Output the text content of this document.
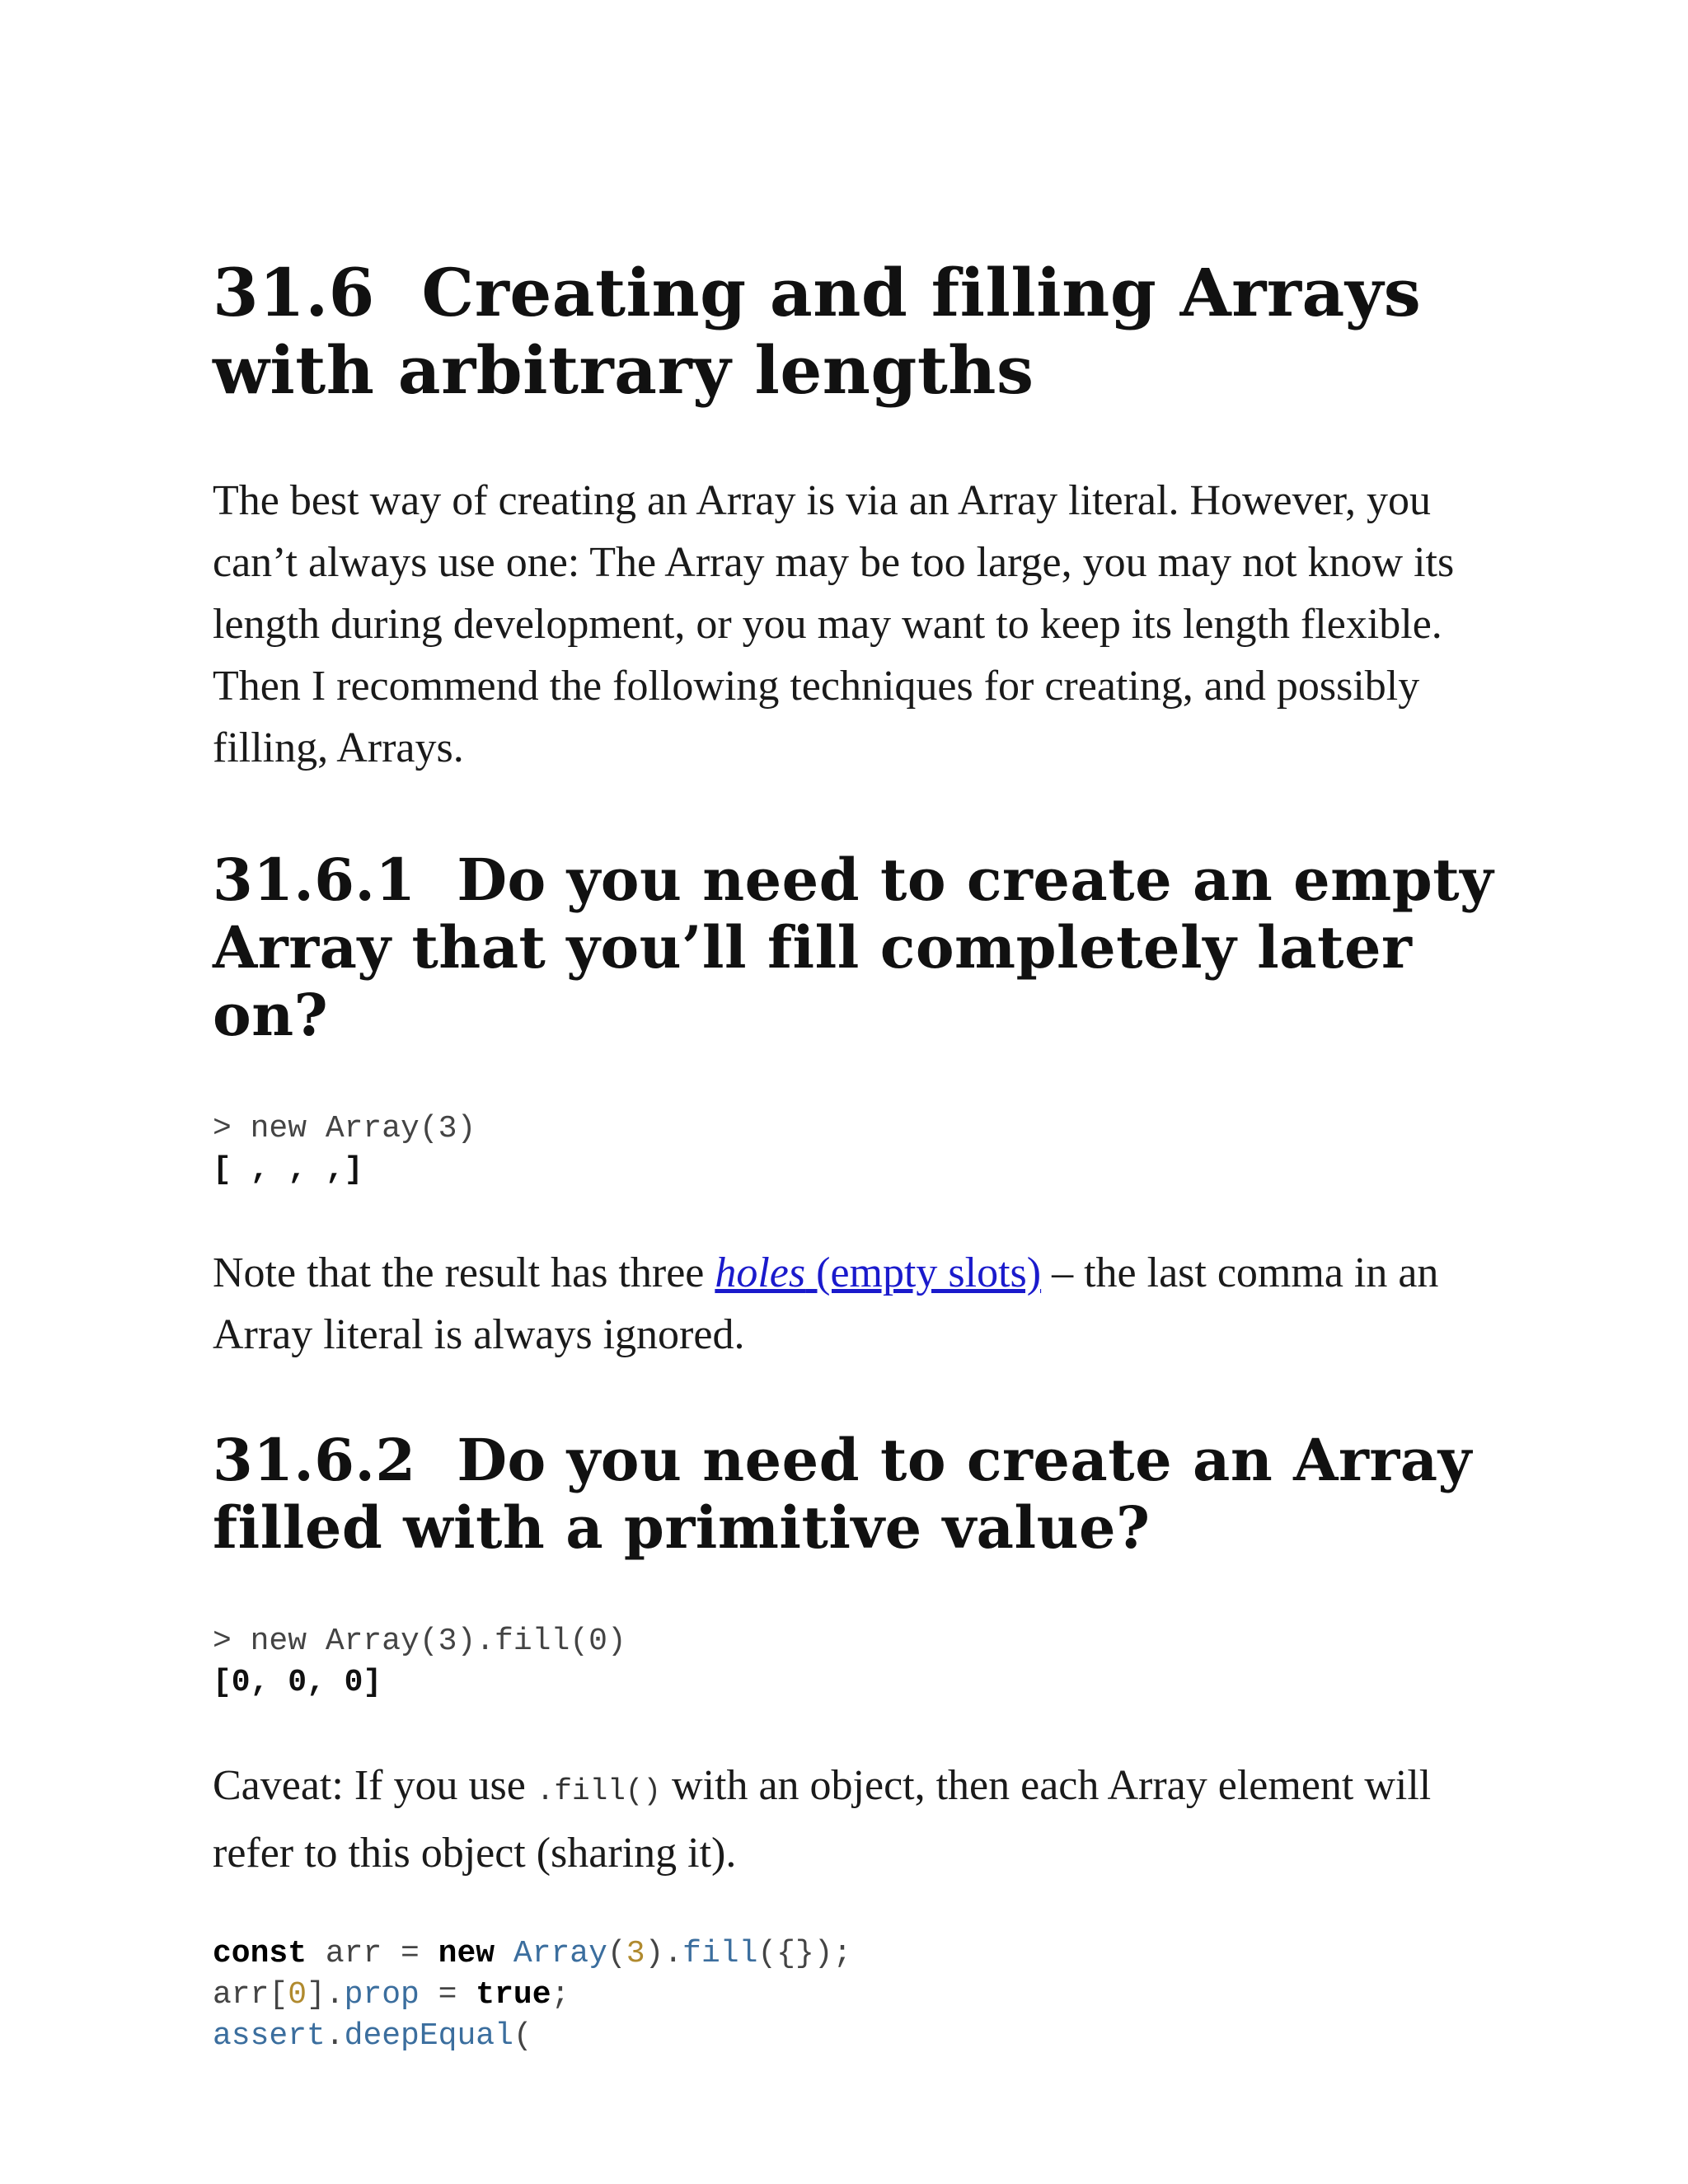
31.6 Creating and filling Arrays with arbitrary lengths

The best way of creating an Array is via an Array literal. However, you can’t always use one: The Array may be too large, you may not know its length during development, or you may want to keep its length flexible. Then I recommend the following techniques for creating, and possibly filling, Arrays.

31.6.1 Do you need to create an empty Array that you’ll fill completely later on?
> new Array(3)
[ , , ,]

Note that the result has three holes (empty slots) – the last comma in an Array literal is always ignored.

31.6.2 Do you need to create an Array filled with a primitive value?
> new Array(3).fill(0)
[0, 0, 0]

Caveat: If you use .fill() with an object, then each Array element will refer to this object (sharing it).

const arr = new Array(3).fill({});
arr[0].prop = true;
assert.deepEqual(
